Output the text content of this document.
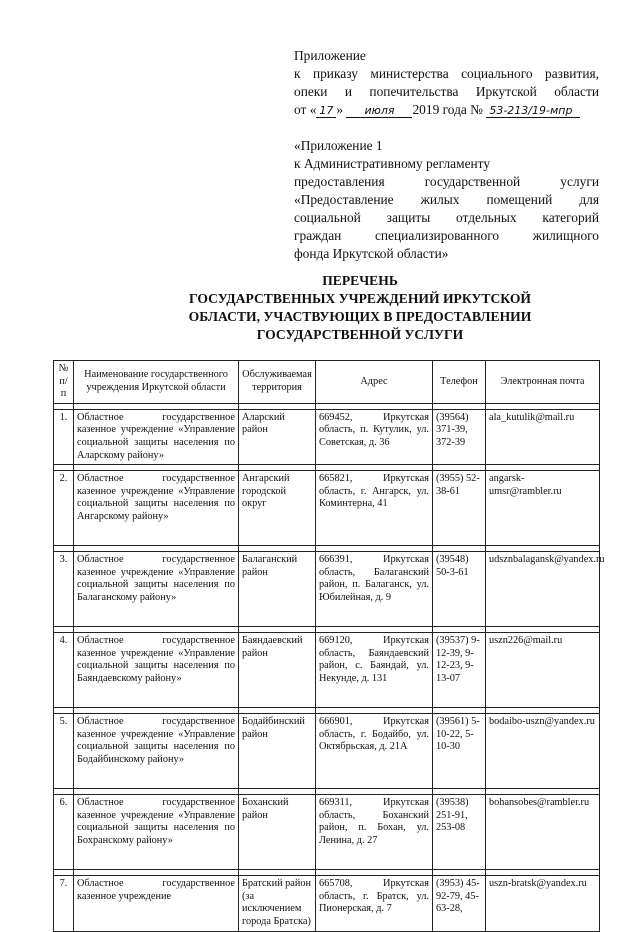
Приложение
к приказу министерства социального развития,
опеки и попечительства Иркутской области
от « 17 » июля 2019 года № 53-213/19-мпр
«Приложение 1
к Административному регламенту
предоставления государственной услуги
«Предоставление жилых помещений для
социальной защиты отдельных категорий
граждан специализированного жилищного
фонда Иркутской области»
ПЕРЕЧЕНЬ
ГОСУДАРСТВЕННЫХ УЧРЕЖДЕНИЙ ИРКУТСКОЙ
ОБЛАСТИ, УЧАСТВУЮЩИХ В ПРЕДОСТАВЛЕНИИ
ГОСУДАРСТВЕННОЙ УСЛУГИ
№ п/п	Наименование государственного учреждения Иркутской области	Обслуживаемая территория	Адрес	Телефон	Электронная почта

1.	Областное государственное казенное учреждение «Управление социальной защиты населения по Аларскому району»	Аларский район	669452, Иркутская область, п. Кутулик, ул. Советская, д. 36	(39564) 371-39, 372-39	ala_kutulik@mail.ru

2.	Областное государственное казенное учреждение «Управление социальной защиты населения по Ангарскому району»	Ангарский городской округ	665821, Иркутская область, г. Ангарск, ул. Коминтерна, 41	(3955) 52-38-61	angarsk-umsr@rambler.ru

3.	Областное государственное казенное учреждение «Управление социальной защиты населения по Балаганскому району»	Балаганский район	666391, Иркутская область, Балаганский район, п. Балаганск, ул. Юбилейная, д. 9	(39548) 50-3-61	udsznbalagansk@yandex.ru

4.	Областное государственное казенное учреждение «Управление социальной защиты населения по Баяндаевскому району»	Баяндаевский район	669120, Иркутская область, Баяндаевский район, с. Баяндай, ул. Некунде, д. 131	(39537) 9-12-39, 9-12-23, 9-13-07	uszn226@mail.ru

5.	Областное государственное казенное учреждение «Управление социальной защиты населения по Бодайбинскому району»	Бодайбинский район	666901, Иркутская область, г. Бодайбо, ул. Октябрьская, д. 21А	(39561) 5-10-22, 5-10-30	bodaibo-uszn@yandex.ru

6.	Областное государственное казенное учреждение «Управление социальной защиты населения по Бохранскому району»	Боханский район	669311, Иркутская область, Боханский район, п. Бохан, ул. Ленина, д. 27	(39538) 251-91, 253-08	bohansobes@rambler.ru

7.	Областное государственное казенное учреждение	Братский район (за исключением города Братска)	665708, Иркутская область, г. Братск, ул. Пионерская, д. 7	(3953) 45-92-79, 45-63-28,	uszn-bratsk@yandex.ru
